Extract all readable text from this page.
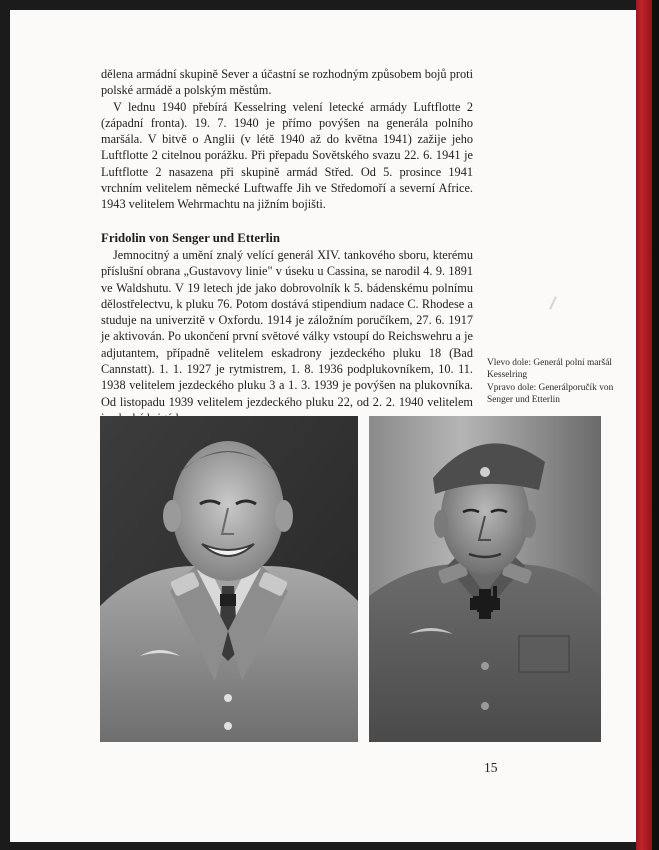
dělena armádní skupině Sever a účastní se rozhodným způsobem bojů proti polské armádě a polským městům.

V lednu 1940 přebírá Kesselring velení letecké armády Luftflotte 2 (západní fronta). 19. 7. 1940 je přímo povýšen na generála polního maršála. V bitvě o Anglii (v létě 1940 až do května 1941) zažije jeho Luftflotte 2 citelnou porážku. Při přepadu Sovětského svazu 22. 6. 1941 je Luftflotte 2 nasazena při skupině armád Střed. Od 5. prosince 1941 vrchním velitelem německé Luftwaffe Jih ve Středomoří a severní Africe. 1943 velitelem Wehrmachtu na jižním bojišti.

Fridolin von Senger und Etterlin

Jemnocitný a umění znalý velící generál XIV. tankového sboru, kterému příslušní obrana „Gustavovy linie" v úseku u Cassina, se narodil 4. 9. 1891 ve Waldshutu. V 19 letech jde jako dobrovolník k 5. bádenskému polnímu dělostřelectvu, k pluku 76. Potom dostává stipendium nadace C. Rhodese a studuje na univerzitě v Oxfordu. 1914 je záložním poručíkem, 27. 6. 1917 je aktivován. Po ukončení první světové války vstoupí do Reichswehru a je adjutantem, případně velitelem eskadrony jezdeckého pluku 18 (Bad Cannstatt). 1. 1. 1927 je rytmistrem, 1. 8. 1936 podplukovníkem, 10. 11. 1938 velitelem jezdeckého pluku 3 a 1. 3. 1939 je povýšen na plukovníka. Od listopadu 1939 velitelem jezdeckého pluku 22, od 2. 2. 1940 velitelem

Vlevo dole: Generál polní maršál Kesselring
Vpravo dole: Generálporučík von Senger und Etterlin
15
